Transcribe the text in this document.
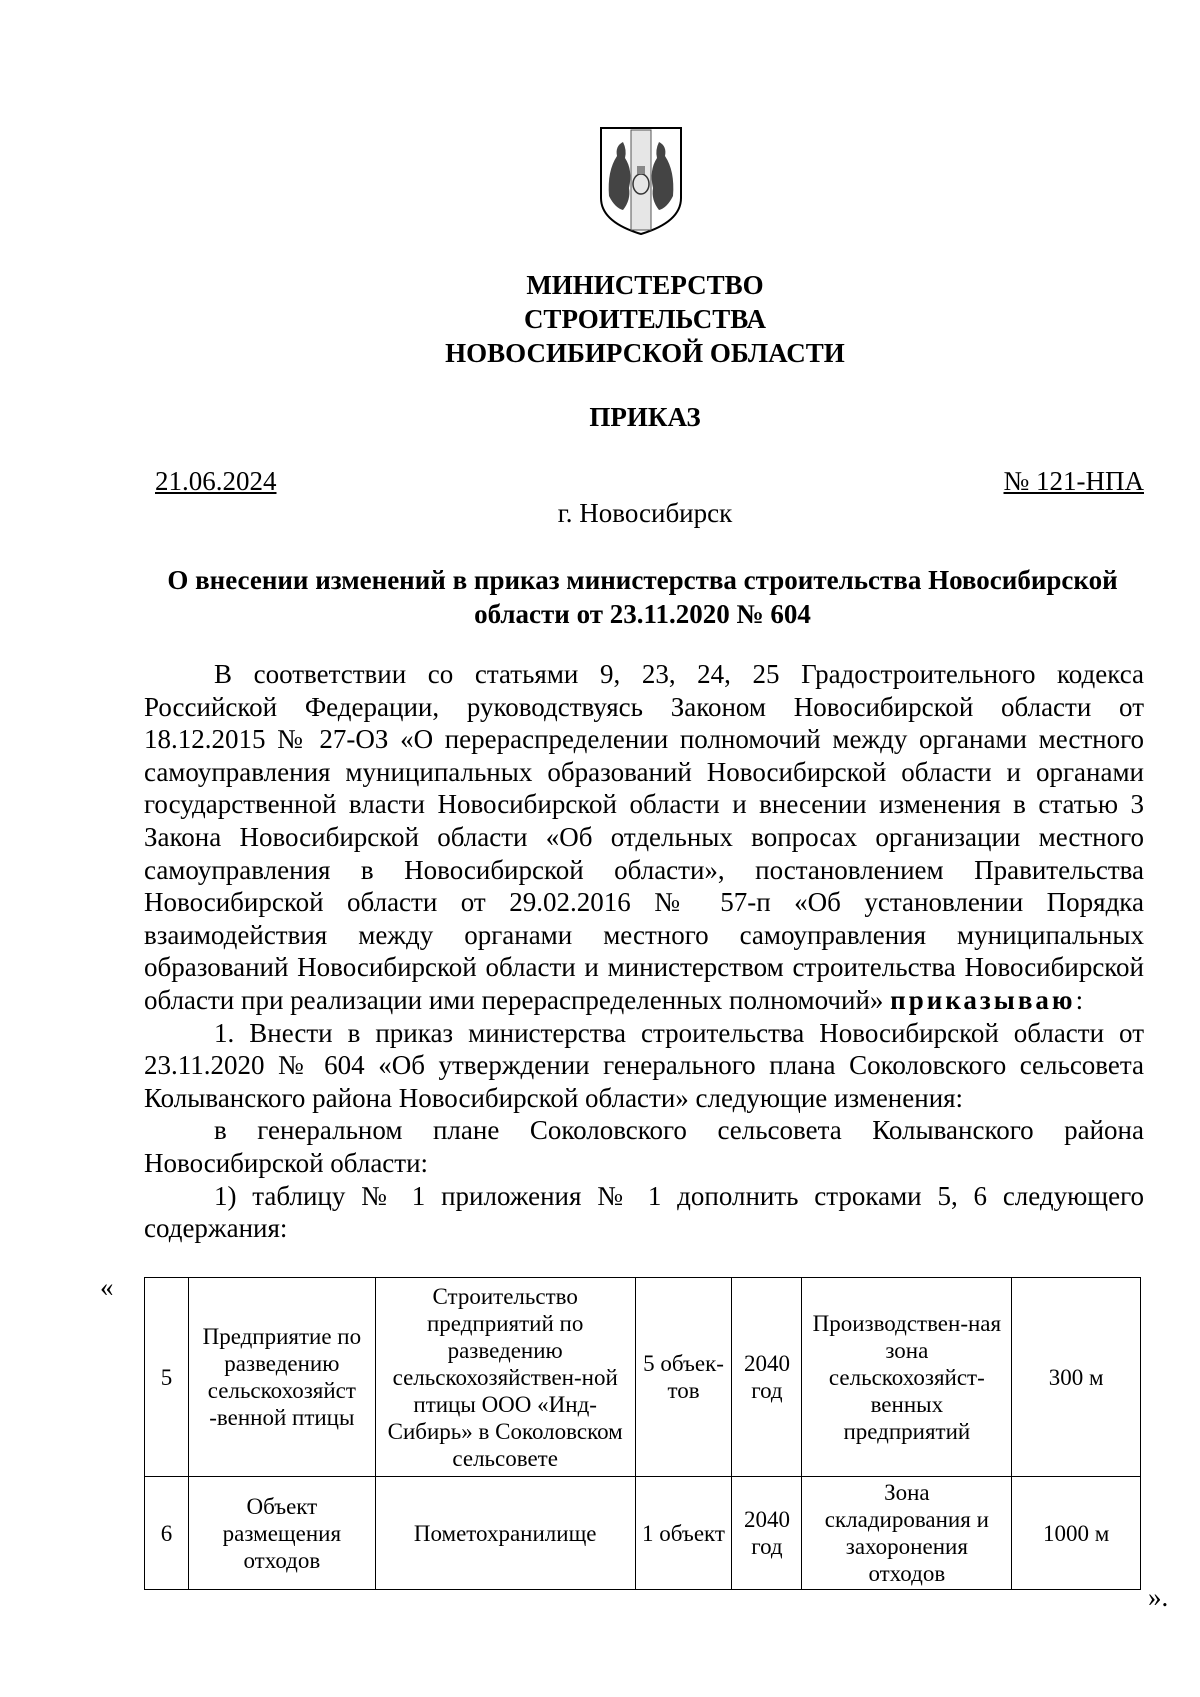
МИНИСТЕРСТВО
СТРОИТЕЛЬСТВА
НОВОСИБИРСКОЙ ОБЛАСТИ
ПРИКАЗ
21.06.2024	№ 121-НПА
г. Новосибирск
О внесении изменений в приказ министерства строительства Новосибирской
области от 23.11.2020 № 604

В соответствии со статьями 9, 23, 24, 25 Градостроительного кодекса Российской Федерации, руководствуясь Законом Новосибирской области от 18.12.2015 № 27-ОЗ «О перераспределении полномочий между органами местного самоуправления муниципальных образований Новосибирской области и органами государственной власти Новосибирской области и внесении изменения в статью 3 Закона Новосибирской области «Об отдельных вопросах организации местного самоуправления в Новосибирской области», постановлением Правительства Новосибирской области от 29.02.2016 № 57-п «Об установлении Порядка взаимодействия между органами местного самоуправления муниципальных образований Новосибирской области и министерством строительства Новосибирской области при реализации ими перераспределенных полномочий» приказываю:

1. Внести в приказ министерства строительства Новосибирской области от 23.11.2020 № 604 «Об утверждении генерального плана Соколовского сельсовета Колыванского района Новосибирской области» следующие изменения:

в генеральном плане Соколовского сельсовета Колыванского района Новосибирской области:

1) таблицу № 1 приложения № 1 дополнить строками 5, 6 следующего содержания:

«
5	Предприятие по разведению сельскохозяйст -венной птицы	Строительство предприятий по разведению сельскохозяйствен-ной птицы ООО «Инд-Сибирь» в Соколовском сельсовете	5 объек-тов	2040 год	Производствен-ная зона сельскохозяйст-венных предприятий	300 м
6	Объект размещения отходов	Пометохранилище	1 объект	2040 год	Зона складирования и захоронения отходов	1000 м
».
